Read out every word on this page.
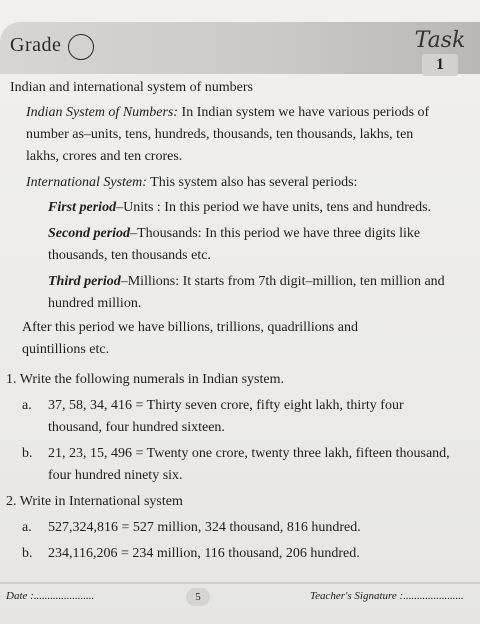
Grade	Task
1
Indian and international system of numbers
Indian System of Numbers: In Indian system we have various periods of
number as–units, tens, hundreds, thousands, ten thousands, lakhs, ten
lakhs, crores and ten crores.
International System: This system also has several periods:
First period–Units : In this period we have units, tens and hundreds.
Second period–Thousands: In this period we have three digits like
thousands, ten thousands etc.
Third period–Millions: It starts from 7th digit–million, ten million and
hundred million.
After this period we have billions, trillions, quadrillions and
quintillions etc.
1. Write the following numerals in Indian system.
a. 37, 58, 34, 416 = Thirty seven crore, fifty eight lakh, thirty four
thousand, four hundred sixteen.
b. 21, 23, 15, 496 = Twenty one crore, twenty three lakh, fifteen thousand,
four hundred ninety six.
2. Write in International system
a. 527,324,816 = 527 million, 324 thousand, 816 hundred.
b. 234,116,206 = 234 million, 116 thousand, 206 hundred.
Date :......................	5	Teacher's Signature :......................
